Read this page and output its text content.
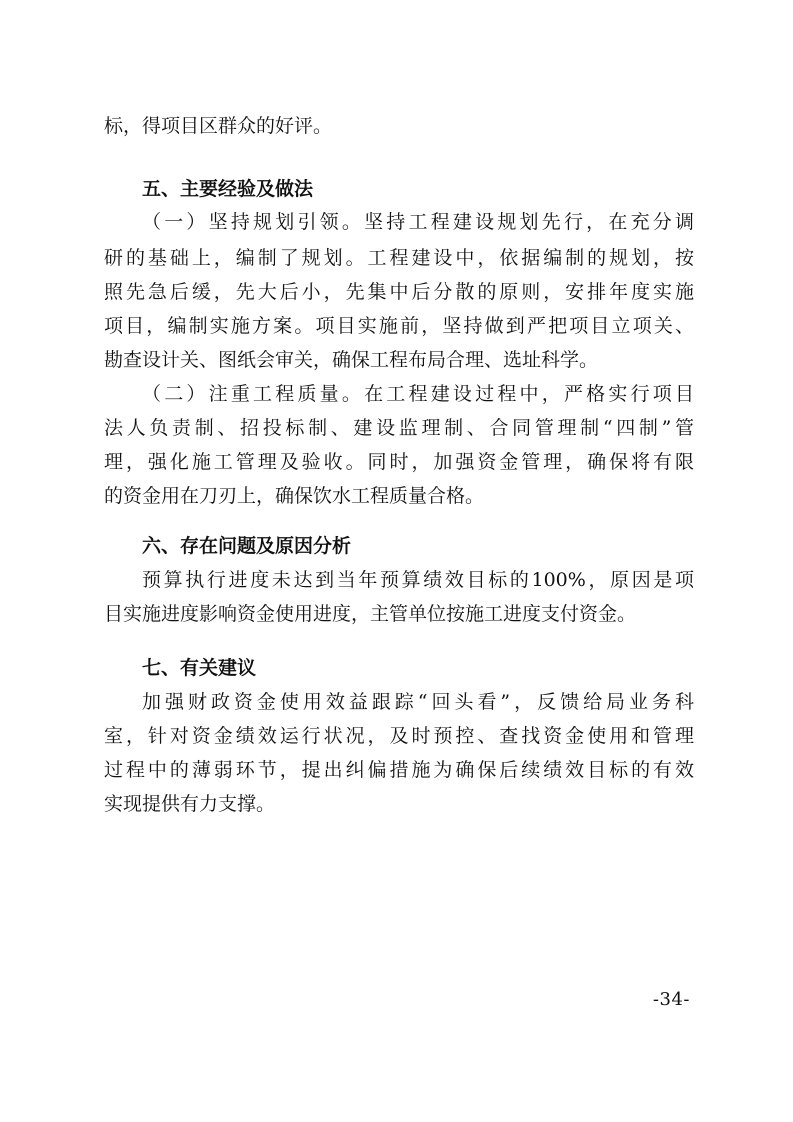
标，得项目区群众的好评。
五、主要经验及做法
（一）坚持规划引领。坚持工程建设规划先行，在充分调
研的基础上，编制了规划。工程建设中，依据编制的规划，按
照先急后缓，先大后小，先集中后分散的原则，安排年度实施
项目，编制实施方案。项目实施前，坚持做到严把项目立项关、
勘查设计关、图纸会审关，确保工程布局合理、选址科学。
（二）注重工程质量。在工程建设过程中，严格实行项目
法人负责制、招投标制、建设监理制、合同管理制“四制”管
理，强化施工管理及验收。同时，加强资金管理，确保将有限
的资金用在刀刃上，确保饮水工程质量合格。
六、存在问题及原因分析
预算执行进度未达到当年预算绩效目标的100%，原因是项
目实施进度影响资金使用进度，主管单位按施工进度支付资金。
七、有关建议
加强财政资金使用效益跟踪“回头看”，反馈给局业务科
室，针对资金绩效运行状况，及时预控、查找资金使用和管理
过程中的薄弱环节，提出纠偏措施为确保后续绩效目标的有效
实现提供有力支撑。
-34-
